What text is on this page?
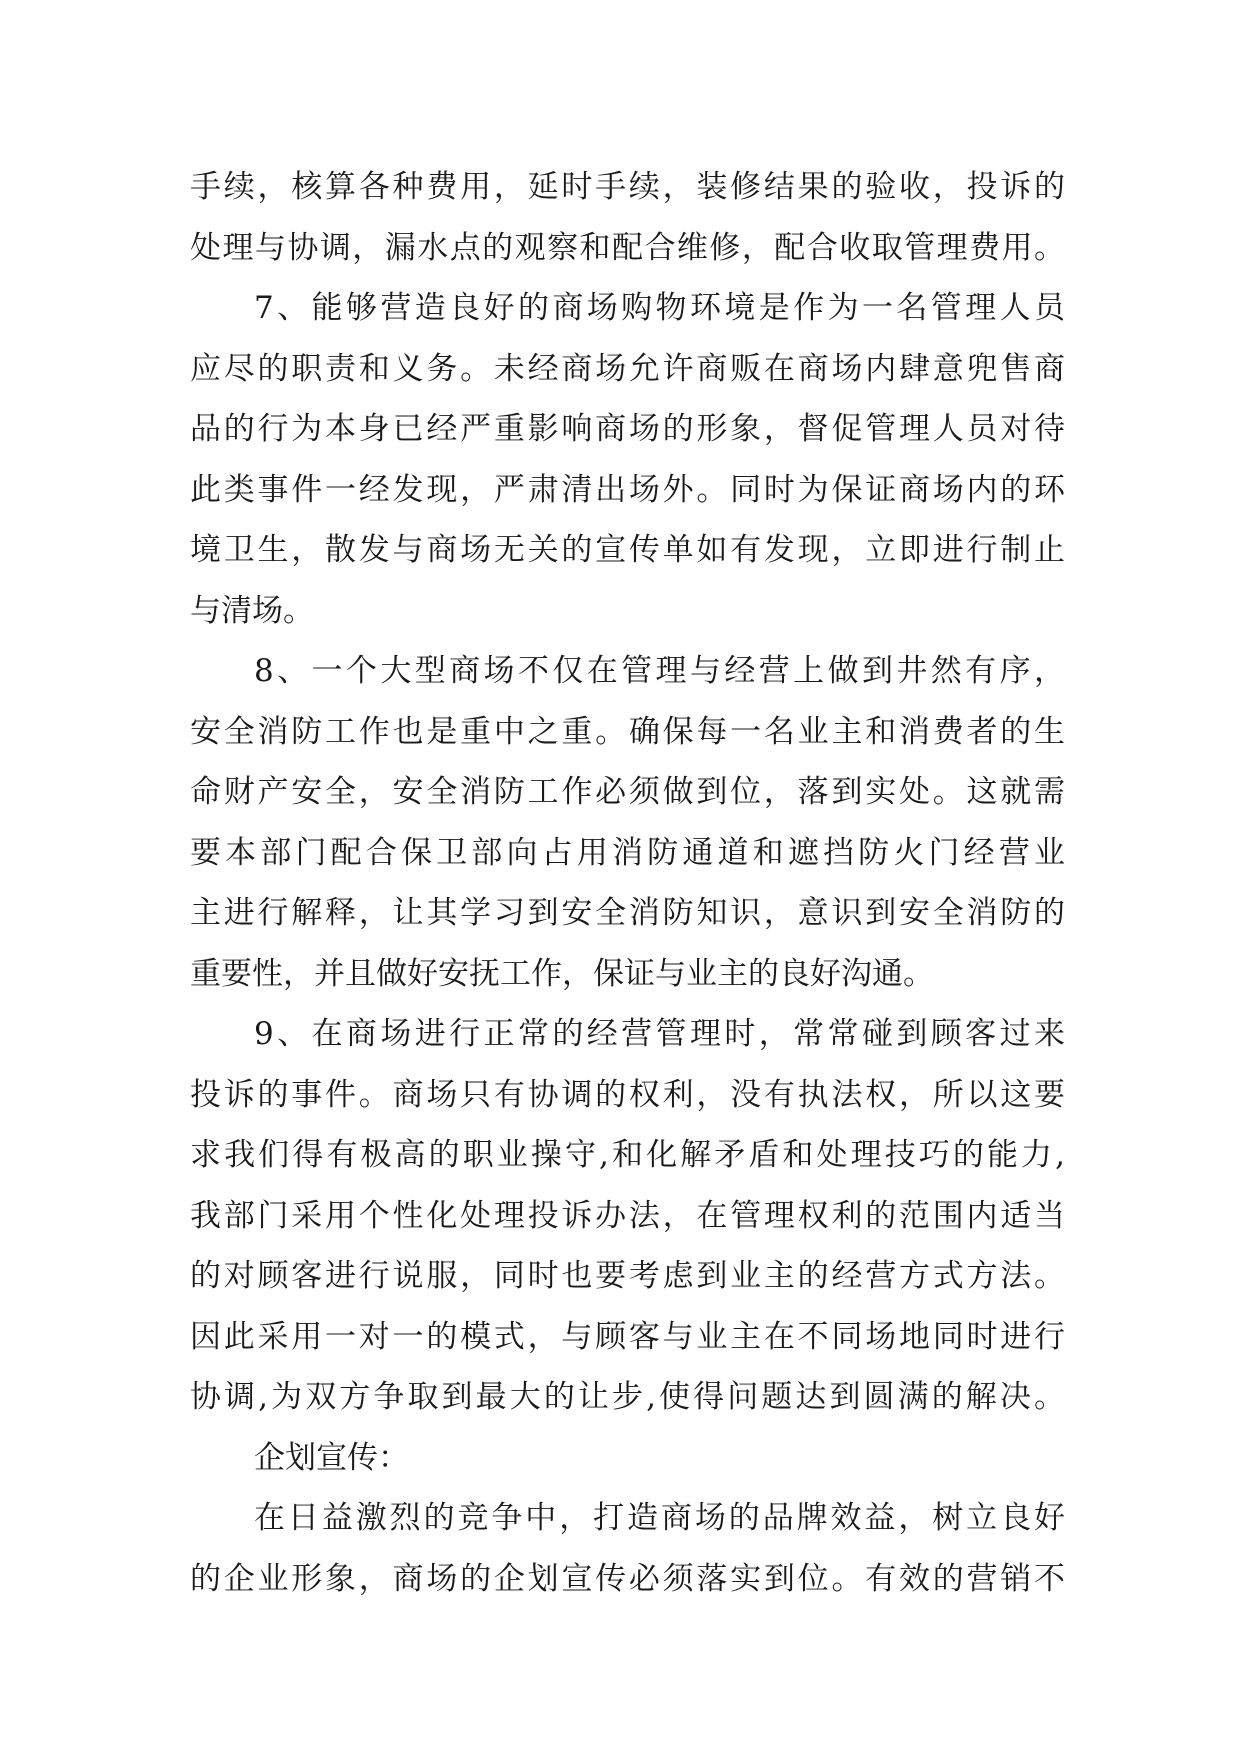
手续，核算各种费用，延时手续，装修结果的验收，投诉的
处理与协调，漏水点的观察和配合维修，配合收取管理费用。
7、能够营造良好的商场购物环境是作为一名管理人员
应尽的职责和义务。未经商场允许商贩在商场内肆意兜售商
品的行为本身已经严重影响商场的形象，督促管理人员对待
此类事件一经发现，严肃清出场外。同时为保证商场内的环
境卫生，散发与商场无关的宣传单如有发现，立即进行制止
与清场。
8、一个大型商场不仅在管理与经营上做到井然有序，
安全消防工作也是重中之重。确保每一名业主和消费者的生
命财产安全，安全消防工作必须做到位，落到实处。这就需
要本部门配合保卫部向占用消防通道和遮挡防火门经营业
主进行解释，让其学习到安全消防知识，意识到安全消防的
重要性，并且做好安抚工作，保证与业主的良好沟通。
9、在商场进行正常的经营管理时，常常碰到顾客过来
投诉的事件。商场只有协调的权利，没有执法权，所以这要
求我们得有极高的职业操守,和化解矛盾和处理技巧的能力,
我部门采用个性化处理投诉办法，在管理权利的范围内适当
的对顾客进行说服，同时也要考虑到业主的经营方式方法。
因此采用一对一的模式，与顾客与业主在不同场地同时进行
协调,为双方争取到最大的让步,使得问题达到圆满的解决。
企划宣传：
在日益激烈的竞争中，打造商场的品牌效益，树立良好
的企业形象，商场的企划宣传必须落实到位。有效的营销不
